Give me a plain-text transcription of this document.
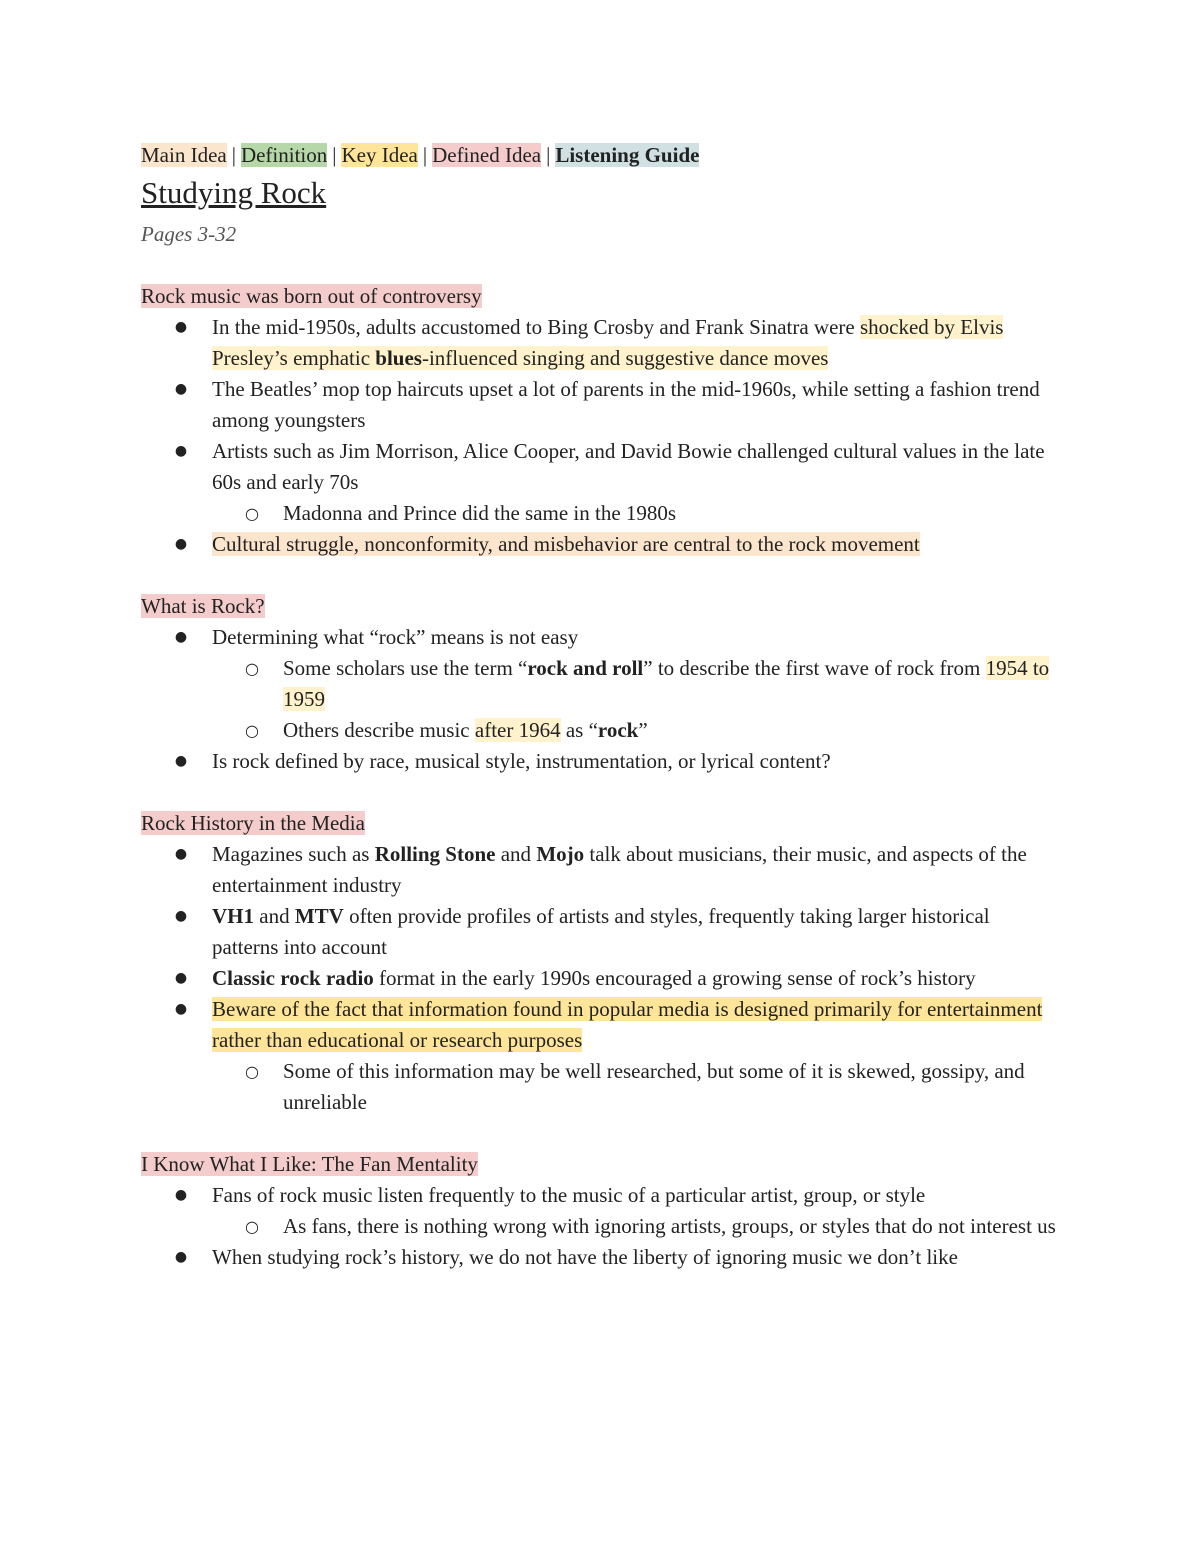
Main Idea | Definition | Key Idea | Defined Idea | Listening Guide
Studying Rock
Pages 3-32
Rock music was born out of controversy
● In the mid-1950s, adults accustomed to Bing Crosby and Frank Sinatra were shocked by Elvis Presley’s emphatic blues-influenced singing and suggestive dance moves
● The Beatles’ mop top haircuts upset a lot of parents in the mid-1960s, while setting a fashion trend among youngsters
● Artists such as Jim Morrison, Alice Cooper, and David Bowie challenged cultural values in the late 60s and early 70s
○ Madonna and Prince did the same in the 1980s
● Cultural struggle, nonconformity, and misbehavior are central to the rock movement
What is Rock?
● Determining what “rock” means is not easy
○ Some scholars use the term “rock and roll” to describe the first wave of rock from 1954 to 1959
○ Others describe music after 1964 as “rock”
● Is rock defined by race, musical style, instrumentation, or lyrical content?
Rock History in the Media
● Magazines such as Rolling Stone and Mojo talk about musicians, their music, and aspects of the entertainment industry
● VH1 and MTV often provide profiles of artists and styles, frequently taking larger historical patterns into account
● Classic rock radio format in the early 1990s encouraged a growing sense of rock’s history
● Beware of the fact that information found in popular media is designed primarily for entertainment rather than educational or research purposes
○ Some of this information may be well researched, but some of it is skewed, gossipy, and unreliable
I Know What I Like: The Fan Mentality
● Fans of rock music listen frequently to the music of a particular artist, group, or style
○ As fans, there is nothing wrong with ignoring artists, groups, or styles that do not interest us
● When studying rock’s history, we do not have the liberty of ignoring music we don’t like
